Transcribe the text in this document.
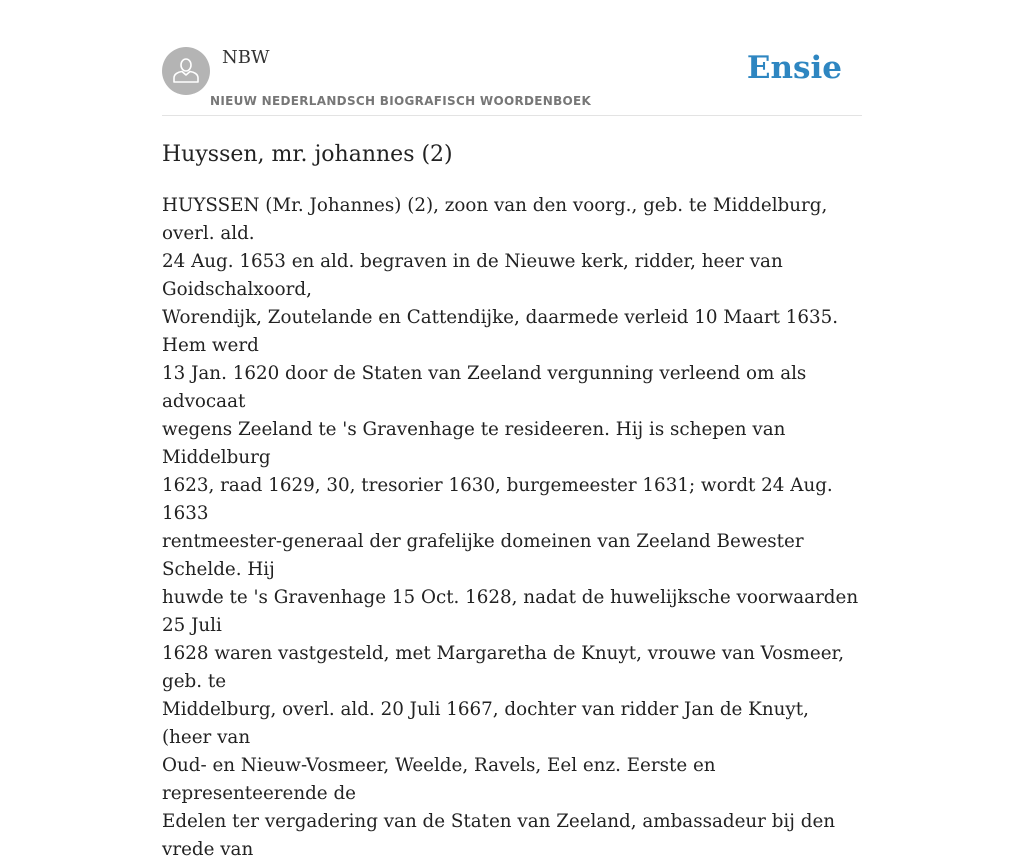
NBW
NIEUW NEDERLANDSCH BIOGRAFISCH WOORDENBOEK
Ensie
Huyssen, mr. johannes (2)
HUYSSEN (Mr. Johannes) (2), zoon van den voorg., geb. te Middelburg, overl. ald.
24 Aug. 1653 en ald. begraven in de Nieuwe kerk, ridder, heer van Goidschalxoord,
Worendijk, Zoutelande en Cattendijke, daarmede verleid 10 Maart 1635. Hem werd
13 Jan. 1620 door de Staten van Zeeland vergunning verleend om als advocaat
wegens Zeeland te 's Gravenhage te resideeren. Hij is schepen van Middelburg
1623, raad 1629, 30, tresorier 1630, burgemeester 1631; wordt 24 Aug. 1633
rentmeester-generaal der grafelijke domeinen van Zeeland Bewester Schelde. Hij
huwde te 's Gravenhage 15 Oct. 1628, nadat de huwelijksche voorwaarden 25 Juli
1628 waren vastgesteld, met Margaretha de Knuyt, vrouwe van Vosmeer, geb. te
Middelburg, overl. ald. 20 Juli 1667, dochter van ridder Jan de Knuyt, (heer van
Oud- en Nieuw-Vosmeer, Weelde, Ravels, Eel enz. Eerste en representeerende de
Edelen ter vergadering van de Staten van Zeeland, ambassadeur bij den vrede van
